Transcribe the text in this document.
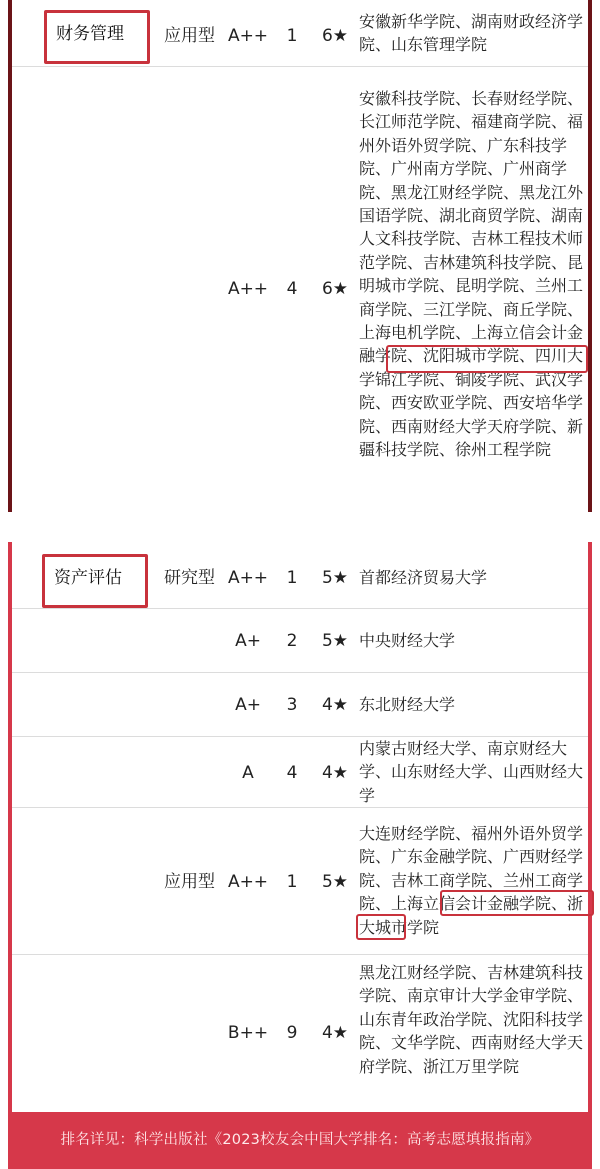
财务管理 应用型 A++	1	6★
安徽新华学院、湖南财政经济学院、山东管理学院
A++	4	6★
安徽科技学院、长春财经学院、长江师范学院、福建商学院、福州外语外贸学院、广东科技学院、广州南方学院、广州商学院、黑龙江财经学院、黑龙江外国语学院、湖北商贸学院、湖南人文科技学院、吉林工程技术师范学院、吉林建筑科技学院、昆明城市学院、昆明学院、兰州工商学院、三江学院、商丘学院、上海电机学院、上海立信会计金融学院、沈阳城市学院、四川大学锦江学院、铜陵学院、武汉学院、西安欧亚学院、西安培华学院、西南财经大学天府学院、新疆科技学院、徐州工程学院
资产评估 研究型 A++	1	5★ 首都经济贸易大学
A+	2	5★ 中央财经大学
A+	3	4★ 东北财经大学
A	4	4★
内蒙古财经大学、南京财经大学、山东财经大学、山西财经大学
应用型 A++	1	5★
大连财经学院、福州外语外贸学院、广东金融学院、广西财经学院、吉林工商学院、兰州工商学院、上海立信会计金融学院、浙大城市学院
B++	9	4★
黑龙江财经学院、吉林建筑科技学院、南京审计大学金审学院、山东青年政治学院、沈阳科技学院、文华学院、西南财经大学天府学院、浙江万里学院
排名详见：科学出版社《2023校友会中国大学排名：高考志愿填报指南》
